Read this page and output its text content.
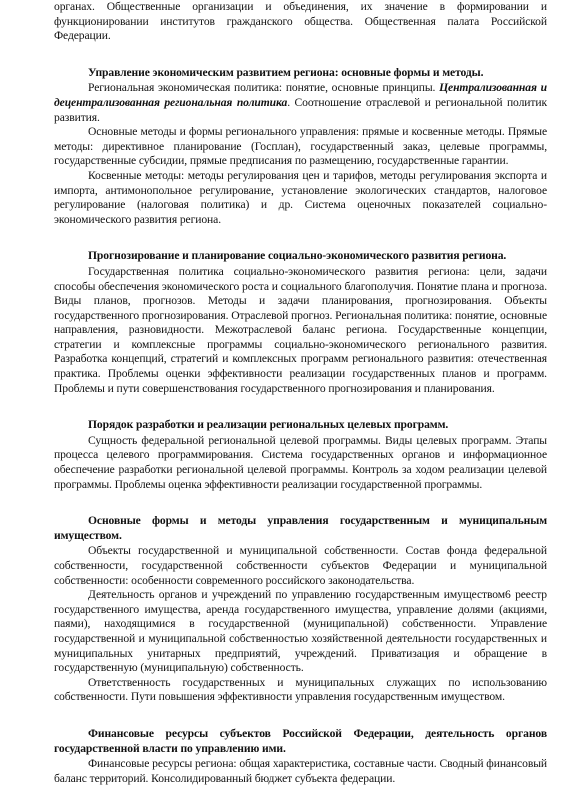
органах. Общественные организации и объединения, их значение в формировании и функционировании институтов гражданского общества. Общественная палата Российской Федерации.

Управление экономическим развитием региона: основные формы и методы.

Региональная экономическая политика: понятие, основные принципы. Централизованная и децентрализованная региональная политика. Соотношение отраслевой и региональной политик развития.

Основные методы и формы регионального управления: прямые и косвенные методы. Прямые методы: директивное планирование (Госплан), государственный заказ, целевые программы, государственные субсидии, прямые предписания по размещению, государственные гарантии.

Косвенные методы: методы регулирования цен и тарифов, методы регулирования экспорта и импорта, антимонопольное регулирование, установление экологических стандартов, налоговое регулирование (налоговая политика) и др. Система оценочных показателей социально-экономического развития региона.

Прогнозирование и планирование социально-экономического развития региона.

Государственная политика социально-экономического развития региона: цели, задачи способы обеспечения экономического роста и социального благополучия. Понятие плана и прогноза. Виды планов, прогнозов. Методы и задачи планирования, прогнозирования. Объекты государственного прогнозирования. Отраслевой прогноз. Региональная политика: понятие, основные направления, разновидности. Межотраслевой баланс региона. Государственные концепции, стратегии и комплексные программы социально-экономического регионального развития. Разработка концепций, стратегий и комплексных программ регионального развития: отечественная практика. Проблемы оценки эффективности реализации государственных планов и программ. Проблемы и пути совершенствования государственного прогнозирования и планирования.

Порядок разработки и реализации региональных целевых программ.

Сущность федеральной региональной целевой программы. Виды целевых программ. Этапы процесса целевого программирования. Система государственных органов и информационное обеспечение разработки региональной целевой программы. Контроль за ходом реализации целевой программы. Проблемы оценка эффективности реализации государственной программы.

Основные формы и методы управления государственным и муниципальным имуществом.

Объекты государственной и муниципальной собственности. Состав фонда федеральной собственности, государственной собственности субъектов Федерации и муниципальной собственности: особенности современного российского законодательства.

Деятельность органов и учреждений по управлению государственным имуществом6 реестр государственного имущества, аренда государственного имущества, управление долями (акциями, паями), находящимися в государственной (муниципальной) собственности. Управление государственной и муниципальной собственностью хозяйственной деятельности государственных и муниципальных унитарных предприятий, учреждений. Приватизация и обращение в государственную (муниципальную) собственность.

Ответственность государственных и муниципальных служащих по использованию собственности. Пути повышения эффективности управления государственным имуществом.

Финансовые ресурсы субъектов Российской Федерации, деятельность органов государственной власти по управлению ими.

Финансовые ресурсы региона: общая характеристика, составные части. Сводный финансовый баланс территорий. Консолидированный бюджет субъекта федерации.
